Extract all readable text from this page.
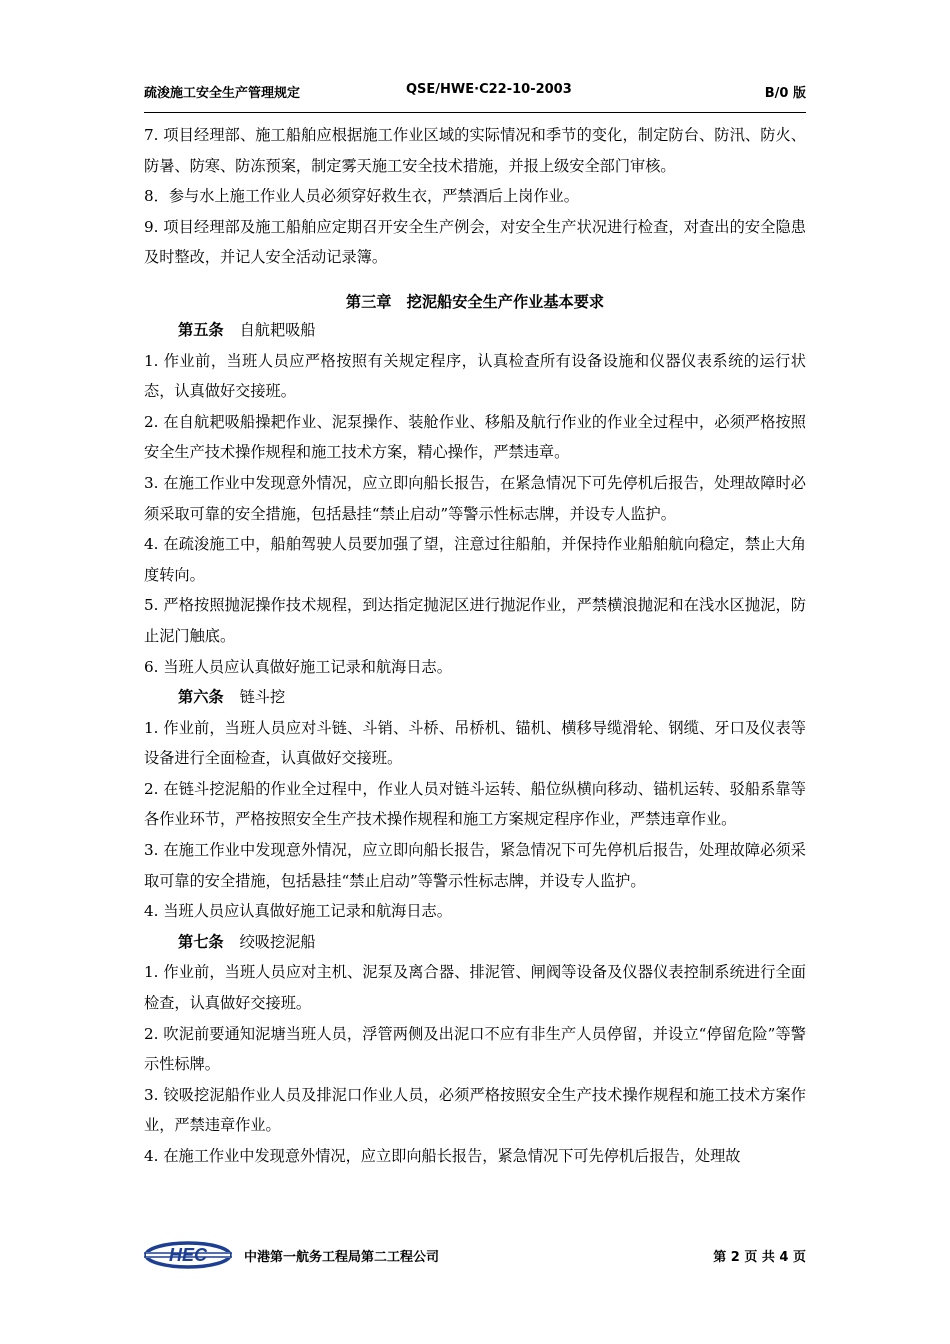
疏浚施工安全生产管理规定	QSE/HWE·C22-10-2003	B/0 版

7. 项目经理部、施工船舶应根据施工作业区域的实际情况和季节的变化，制定防台、防汛、防火、防暑、防寒、防冻预案，制定雾天施工安全技术措施，并报上级安全部门审核。

8．参与水上施工作业人员必须穿好救生衣，严禁酒后上岗作业。

9. 项目经理部及施工船舶应定期召开安全生产例会，对安全生产状况进行检查，对查出的安全隐患及时整改，并记人安全活动记录簿。

第三章　挖泥船安全生产作业基本要求

第五条 自航耙吸船

1. 作业前，当班人员应严格按照有关规定程序，认真检查所有设备设施和仪器仪表系统的运行状态，认真做好交接班。

2. 在自航耙吸船操耙作业、泥泵操作、装舱作业、移船及航行作业的作业全过程中，必须严格按照安全生产技术操作规程和施工技术方案，精心操作，严禁违章。

3. 在施工作业中发现意外情况，应立即向船长报告，在紧急情况下可先停机后报告，处理故障时必须采取可靠的安全措施，包括悬挂“禁止启动”等警示性标志牌，并设专人监护。

4. 在疏浚施工中，船舶驾驶人员要加强了望，注意过往船舶，并保持作业船舶航向稳定，禁止大角度转向。

5. 严格按照抛泥操作技术规程，到达指定抛泥区进行抛泥作业，严禁横浪抛泥和在浅水区抛泥，防止泥门触底。

6. 当班人员应认真做好施工记录和航海日志。

第六条 链斗挖

1. 作业前，当班人员应对斗链、斗销、斗桥、吊桥机、锚机、横移导缆滑轮、钢缆、牙口及仪表等设备进行全面检查，认真做好交接班。

2. 在链斗挖泥船的作业全过程中，作业人员对链斗运转、船位纵横向移动、锚机运转、驳船系靠等各作业环节，严格按照安全生产技术操作规程和施工方案规定程序作业，严禁违章作业。

3. 在施工作业中发现意外情况，应立即向船长报告，紧急情况下可先停机后报告，处理故障必须采取可靠的安全措施，包括悬挂“禁止启动”等警示性标志牌，并设专人监护。

4. 当班人员应认真做好施工记录和航海日志。

第七条 绞吸挖泥船

1. 作业前，当班人员应对主机、泥泵及离合器、排泥管、闸阀等设备及仪器仪表控制系统进行全面检查，认真做好交接班。

2. 吹泥前要通知泥塘当班人员，浮管两侧及出泥口不应有非生产人员停留，并设立“停留危险”等警示性标牌。

3. 铰吸挖泥船作业人员及排泥口作业人员，必须严格按照安全生产技术操作规程和施工技术方案作业，严禁违章作业。

4. 在施工作业中发现意外情况，应立即向船长报告，紧急情况下可先停机后报告，处理故

HEC	中港第一航务工程局第二工程公司	第 2 页 共 4 页
